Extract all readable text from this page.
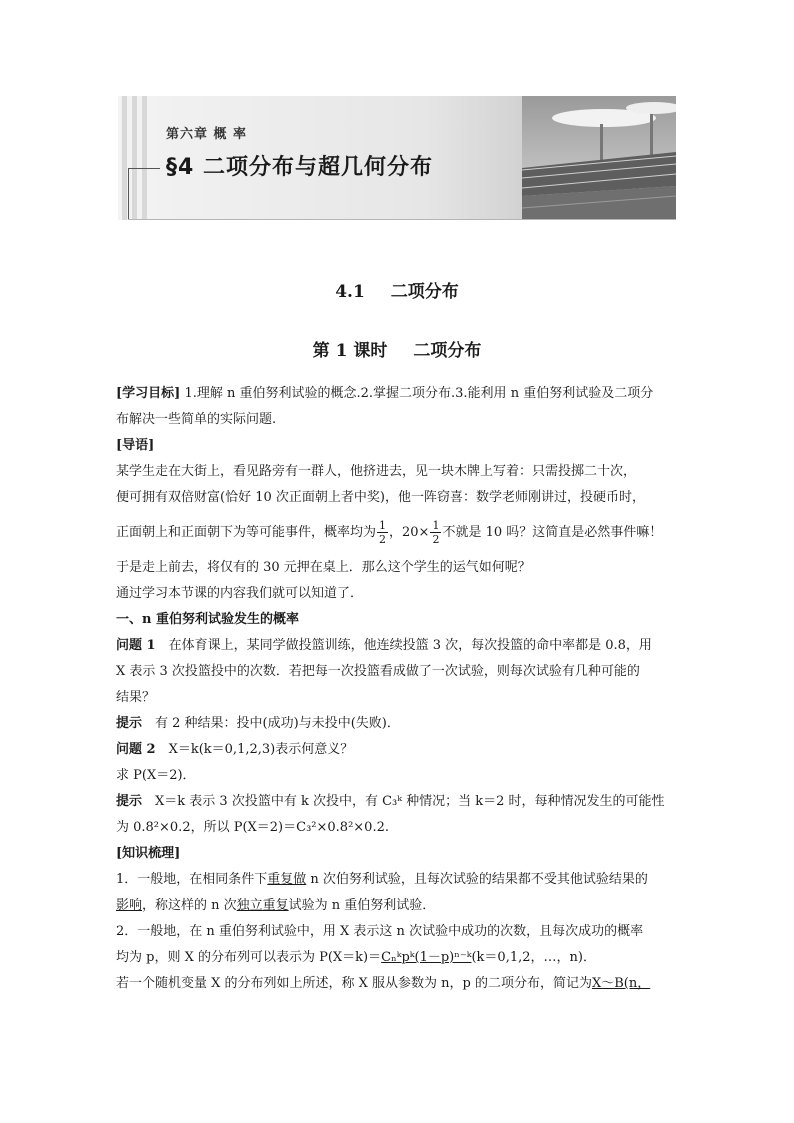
第六章 概 率
§4 二项分布与超几何分布
4.1 二项分布
第 1 课时 二项分布
[学习目标] 1.理解 n 重伯努利试验的概念.2.掌握二项分布.3.能利用 n 重伯努利试验及二项分
布解决一些简单的实际问题.
[导语]
某学生走在大街上，看见路旁有一群人，他挤进去，见一块木牌上写着：只需投掷二十次，
便可拥有双倍财富(恰好 10 次正面朝上者中奖)，他一阵窃喜：数学老师刚讲过，投硬币时，
正面朝上和正面朝下为等可能事件，概率均为 $\frac{1}{2}$ ，$20\times \frac{1}{2}$ 不就是 10 吗？这简直是必然事件嘛！
于是走上前去，将仅有的 30 元押在桌上．那么这个学生的运气如何呢？
通过学习本节课的内容我们就可以知道了．
一、n 重伯努利试验发生的概率
问题 1　在体育课上，某同学做投篮训练，他连续投篮 3 次，每次投篮的命中率都是 0.8，用
X 表示 3 次投篮投中的次数．若把每一次投篮看成做了一次试验，则每次试验有几种可能的
结果？
提示　有 2 种结果：投中(成功)与未投中(失败)．
问题 2　X＝k(k＝0,1,2,3)表示何意义？
求 P(X＝2)．
提示　X＝k 表示 3 次投篮中有 k 次投中，有 C₃ᵏ 种情况；当 k＝2 时，每种情况发生的可能性
为 0.8²×0.2，所以 P(X＝2)＝C₃²×0.8²×0.2.
[知识梳理]
1．一般地，在相同条件下重复做 n 次伯努利试验，且每次试验的结果都不受其他试验结果的
影响，称这样的 n 次独立重复试验为 n 重伯努利试验．
2．一般地，在 n 重伯努利试验中，用 X 表示这 n 次试验中成功的次数，且每次成功的概率
均为 p，则 X 的分布列可以表示为 P(X＝k)＝Cₙᵏpᵏ(1－p)ⁿ⁻ᵏ(k＝0,1,2，…，n)．
若一个随机变量 X 的分布列如上所述，称 X 服从参数为 n，p 的二项分布，简记为X～B(n，
